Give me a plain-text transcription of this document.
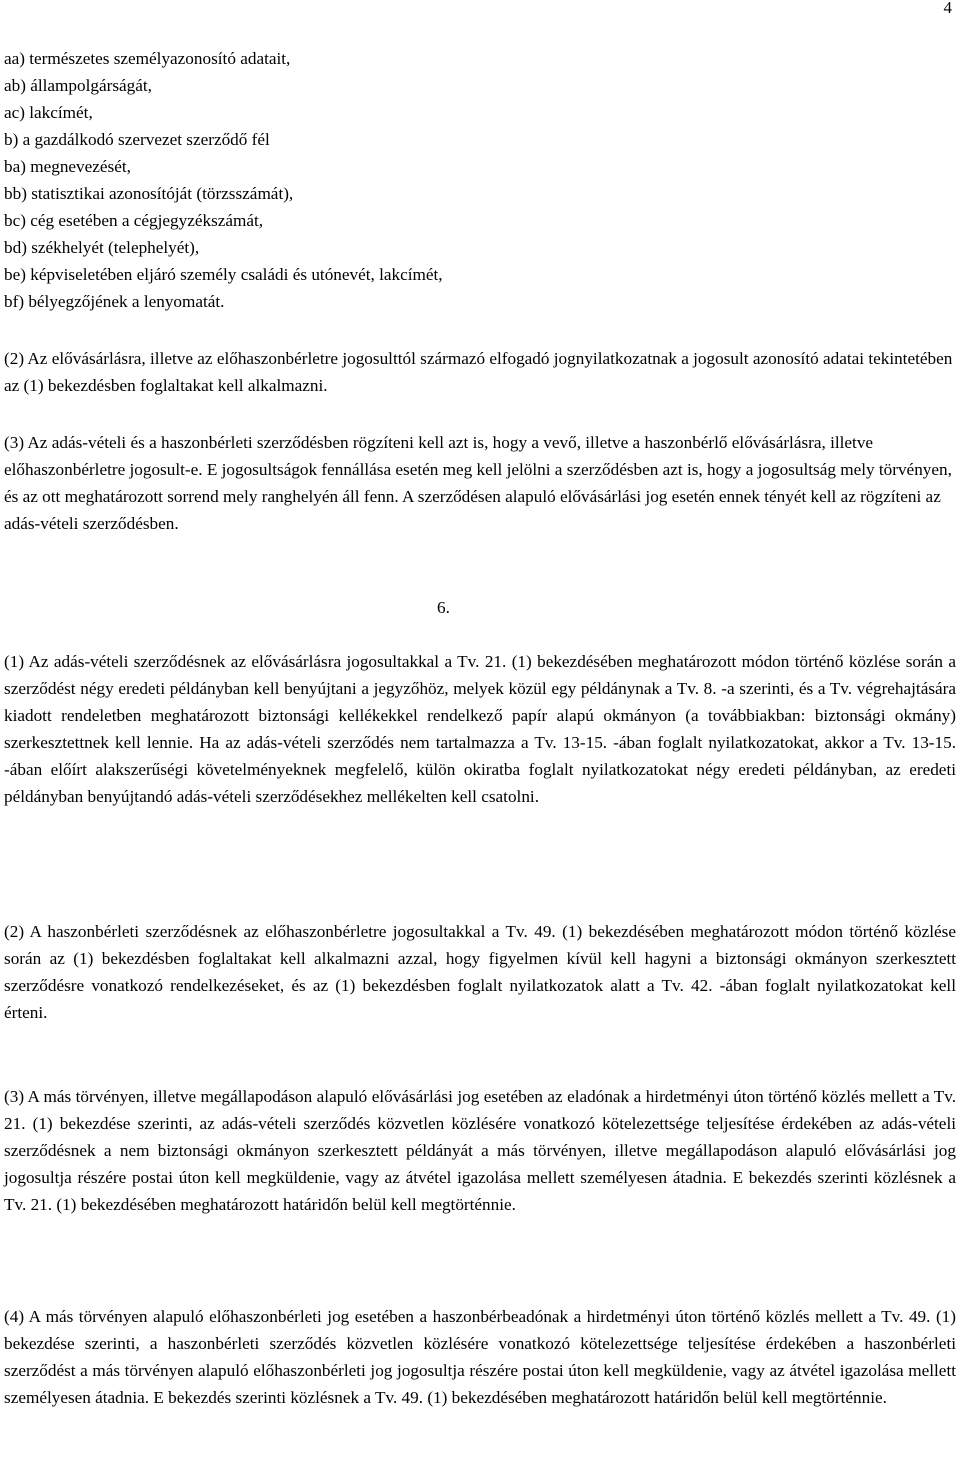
4
aa) természetes személyazonosító adatait,
ab) állampolgárságát,
ac) lakcímét,
b) a gazdálkodó szervezet szerződő fél
ba) megnevezését,
bb) statisztikai azonosítóját (törzsszámát),
bc) cég esetében a cégjegyzékszámát,
bd) székhelyét (telephelyét),
be) képviseletében eljáró személy családi és utónevét, lakcímét,
bf) bélyegzőjének a lenyomatát.

(2) Az elővásárlásra, illetve az előhaszonbérletre jogosulttól származó elfogadó jognyilatkozatnak a jogosult azonosító adatai tekintetében az (1) bekezdésben foglaltakat kell alkalmazni.

(3) Az adás-vételi és a haszonbérleti szerződésben rögzíteni kell azt is, hogy a vevő, illetve a haszonbérlő elővásárlásra, illetve előhaszonbérletre jogosult-e. E jogosultságok fennállása esetén meg kell jelölni a szerződésben azt is, hogy a jogosultság mely törvényen, és az ott meghatározott sorrend mely ranghelyén áll fenn. A szerződésen alapuló elővásárlási jog esetén ennek tényét kell az rögzíteni az adás-vételi szerződésben.

6.

(1) Az adás-vételi szerződésnek az elővásárlásra jogosultakkal a Tv. 21. (1) bekezdésében meghatározott módon történő közlése során a szerződést négy eredeti példányban kell benyújtani a jegyzőhöz, melyek közül egy példánynak a Tv. 8. -a szerinti, és a Tv. végrehajtására kiadott rendeletben meghatározott biztonsági kellékekkel rendelkező papír alapú okmányon (a továbbiakban: biztonsági okmány) szerkesztettnek kell lennie. Ha az adás-vételi szerződés nem tartalmazza a Tv. 13-15. -ában foglalt nyilatkozatokat, akkor a Tv. 13-15. -ában előírt alakszerűségi követelményeknek megfelelő, külön okiratba foglalt nyilatkozatokat négy eredeti példányban, az eredeti példányban benyújtandó adás-vételi szerződésekhez mellékelten kell csatolni.

(2) A haszonbérleti szerződésnek az előhaszonbérletre jogosultakkal a Tv. 49. (1) bekezdésében meghatározott módon történő közlése során az (1) bekezdésben foglaltakat kell alkalmazni azzal, hogy figyelmen kívül kell hagyni a biztonsági okmányon szerkesztett szerződésre vonatkozó rendelkezéseket, és az (1) bekezdésben foglalt nyilatkozatok alatt a Tv. 42. -ában foglalt nyilatkozatokat kell érteni.

(3) A más törvényen, illetve megállapodáson alapuló elővásárlási jog esetében az eladónak a hirdetményi úton történő közlés mellett a Tv. 21. (1) bekezdése szerinti, az adás-vételi szerződés közvetlen közlésére vonatkozó kötelezettsége teljesítése érdekében az adás-vételi szerződésnek a nem biztonsági okmányon szerkesztett példányát a más törvényen, illetve megállapodáson alapuló elővásárlási jog jogosultja részére postai úton kell megküldenie, vagy az átvétel igazolása mellett személyesen átadnia. E bekezdés szerinti közlésnek a Tv. 21. (1) bekezdésében meghatározott határidőn belül kell megtörténnie.

(4) A más törvényen alapuló előhaszonbérleti jog esetében a haszonbérbeadónak a hirdetményi úton történő közlés mellett a Tv. 49. (1) bekezdése szerinti, a haszonbérleti szerződés közvetlen közlésére vonatkozó kötelezettsége teljesítése érdekében a haszonbérleti szerződést a más törvényen alapuló előhaszonbérleti jog jogosultja részére postai úton kell megküldenie, vagy az átvétel igazolása mellett személyesen átadnia. E bekezdés szerinti közlésnek a Tv. 49. (1) bekezdésében meghatározott határidőn belül kell megtörténnie.
